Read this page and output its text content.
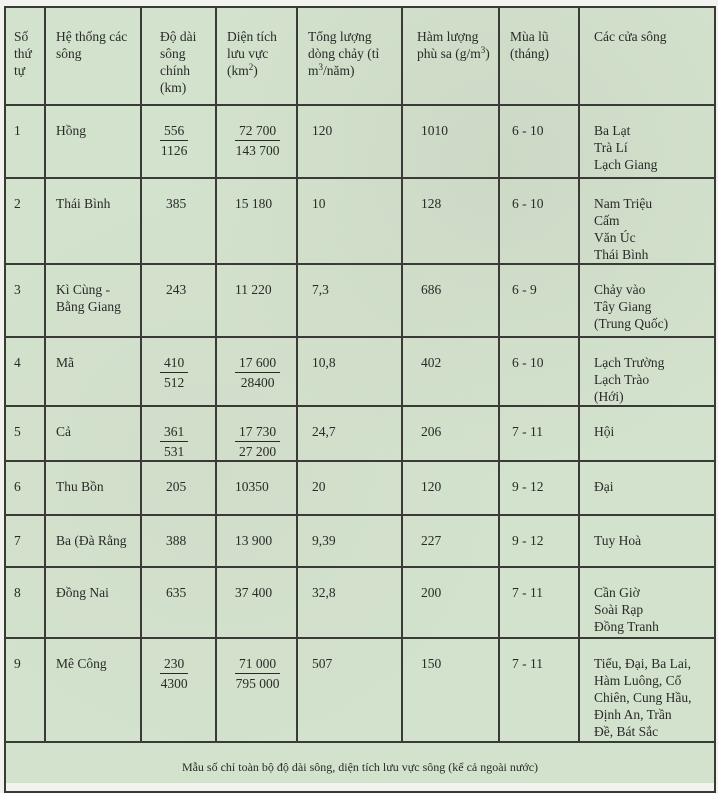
Số thứ tự	Hệ thống các sông	Độ dài sông chính (km)	Diện tích lưu vực $(km^2)$	Tổng lượng dòng chảy (tỉ $m^3/năm$)	Hàm lượng phù sa $(g/m^3)$	Mùa lũ (tháng)	Các cửa sông

1	Hồng	$\frac{556}{1126}$	$\frac{72 700}{143 700}$	120	1010	6 - 10	Ba Lạt
Trà Lí
Lạch Giang

2	Thái Bình	385	15 180	10	128	6 - 10	Nam Triệu
Cấm
Văn Úc
Thái Bình

3	Kì Cùng - Bằng Giang	243	11 220	7,3	686	6 - 9	Chảy vào
Tây Giang
(Trung Quốc)

4	Mã	$\frac{410}{512}$	$\frac{17 600}{28400}$	10,8	402	6 - 10	Lạch Trường
Lạch Trào
(Hới)

5	Cả	$\frac{361}{531}$	$\frac{17 730}{27 200}$	24,7	206	7 - 11	Hội

6	Thu Bồn	205	10350	20	120	9 - 12	Đại

7	Ba (Đà Rằng	388	13 900	9,39	227	9 - 12	Tuy Hoà

8	Đồng Nai	635	37 400	32,8	200	7 - 11	Cần Giờ
Soài Rạp
Đồng Tranh

9	Mê Công	$\frac{230}{4300}$	$\frac{71 000}{795 000}$	507	150	7 - 11	Tiểu, Đại, Ba Lai,
Hàm Luông, Cổ
Chiên, Cung Hầu,
Định An, Trần
Đề, Bát Sắc

Mẫu số chỉ toàn bộ độ dài sông, diện tích lưu vực sông (kể cả ngoài nước)							
